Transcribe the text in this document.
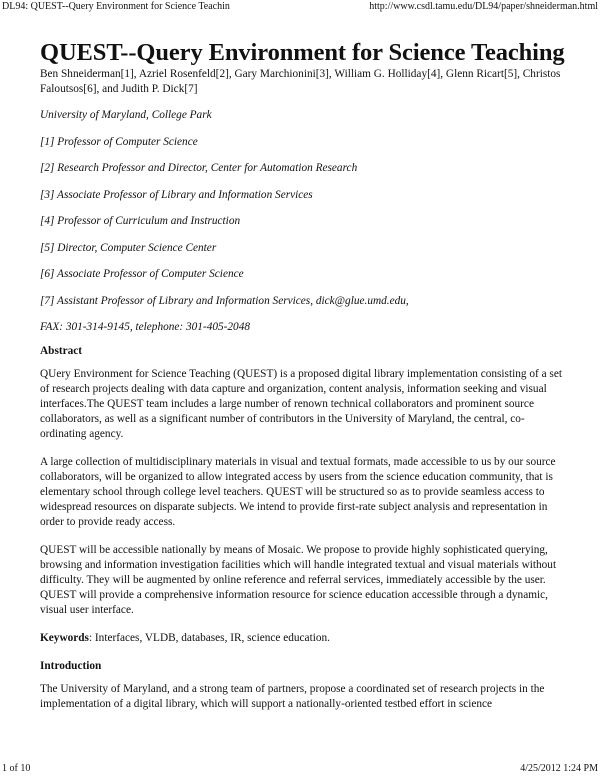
DL94: QUEST--Query Environment for Science Teachin	http://www.csdl.tamu.edu/DL94/paper/shneiderman.html
QUEST--Query Environment for Science Teaching

Ben Shneiderman[1], Azriel Rosenfeld[2], Gary Marchionini[3], William G. Holliday[4], Glenn Ricart[5], Christos Faloutsos[6], and Judith P. Dick[7]

University of Maryland, College Park

[1] Professor of Computer Science

[2] Research Professor and Director, Center for Automation Research

[3] Associate Professor of Library and Information Services

[4] Professor of Curriculum and Instruction

[5] Director, Computer Science Center

[6] Associate Professor of Computer Science

[7] Assistant Professor of Library and Information Services, dick@glue.umd.edu,

FAX: 301-314-9145, telephone: 301-405-2048

Abstract

QUery Environment for Science Teaching (QUEST) is a proposed digital library implementation consisting of a set of research projects dealing with data capture and organization, content analysis, information seeking and visual interfaces.The QUEST team includes a large number of renown technical collaborators and prominent source collaborators, as well as a significant number of contributors in the University of Maryland, the central, co-ordinating agency.

A large collection of multidisciplinary materials in visual and textual formats, made accessible to us by our source collaborators, will be organized to allow integrated access by users from the science education community, that is elementary school through college level teachers. QUEST will be structured so as to provide seamless access to widespread resources on disparate subjects. We intend to provide first-rate subject analysis and representation in order to provide ready access.

QUEST will be accessible nationally by means of Mosaic. We propose to provide highly sophisticated querying, browsing and information investigation facilities which will handle integrated textual and visual materials without difficulty. They will be augmented by online reference and referral services, immediately accessible by the user. QUEST will provide a comprehensive information resource for science education accessible through a dynamic, visual user interface.

Keywords: Interfaces, VLDB, databases, IR, science education.

Introduction

The University of Maryland, and a strong team of partners, propose a coordinated set of research projects in the implementation of a digital library, which will support a nationally-oriented testbed effort in science

1 of 10	4/25/2012 1:24 PM
